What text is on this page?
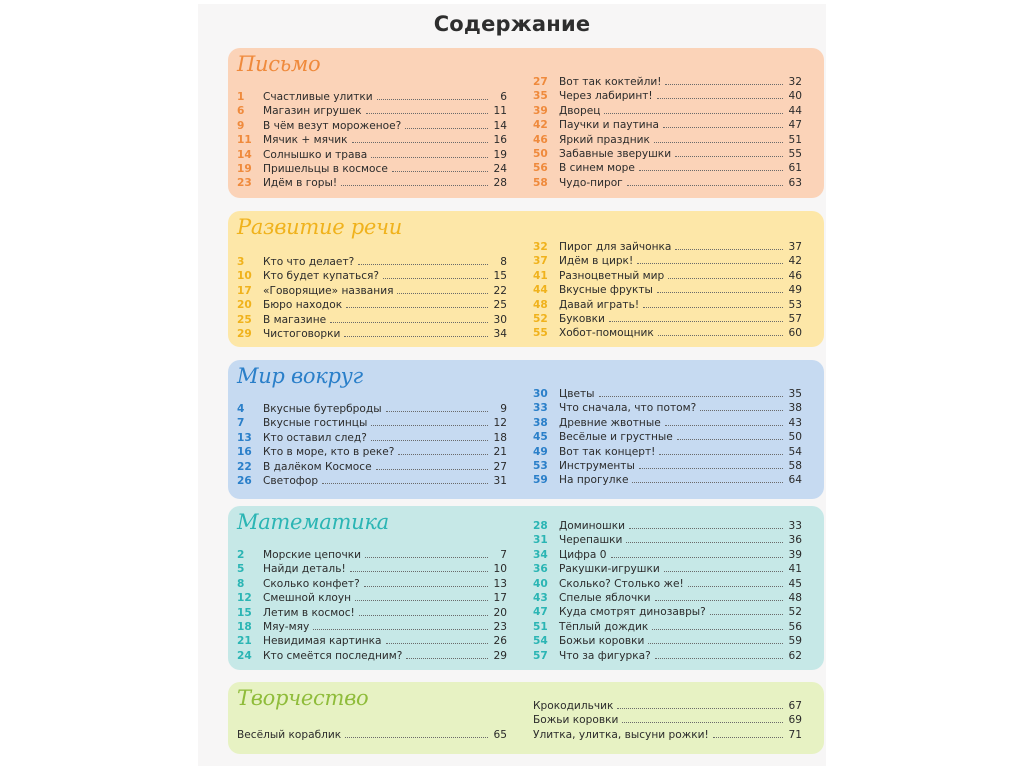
Содержание
Письмо
1	Счастливые улитки	6
6	Магазин игрушек	11
9	В чём везут мороженое?	14
11	Мячик + мячик	16
14	Солнышко и трава	19
19	Пришельцы в космосе	24
23	Идём в горы!	28
27	Вот так коктейли!	32
35	Через лабиринт!	40
39	Дворец	44
42	Паучки и паутина	47
46	Яркий праздник	51
50	Забавные зверушки	55
56	В синем море	61
58	Чудо-пирог	63
Развитие речи
3	Кто что делает?	8
10	Кто будет купаться?	15
17	«Говорящие» названия	22
20	Бюро находок	25
25	В магазине	30
29	Чистоговорки	34
32	Пирог для зайчонка	37
37	Идём в цирк!	42
41	Разноцветный мир	46
44	Вкусные фрукты	49
48	Давай играть!	53
52	Буковки	57
55	Хобот-помощник	60
Мир вокруг
4	Вкусные бутерброды	9
7	Вкусные гостинцы	12
13	Кто оставил след?	18
16	Кто в море, кто в реке?	21
22	В далёком Космосе	27
26	Светофор	31
30	Цветы	35
33	Что сначала, что потом?	38
38	Древние жвотные	43
45	Весёлые и грустные	50
49	Вот так концерт!	54
53	Инструменты	58
59	На прогулке	64
Математика
2	Морские цепочки	7
5	Найди деталь!	10
8	Сколько конфет?	13
12	Смешной клоун	17
15	Летим в космос!	20
18	Мяу-мяу	23
21	Невидимая картинка	26
24	Кто смеётся последним?	29
28	Доминошки	33
31	Черепашки	36
34	Цифра 0	39
36	Ракушки-игрушки	41
40	Сколько? Столько же!	45
43	Спелые яблочки	48
47	Куда смотрят динозавры?	52
51	Тёплый дождик	56
54	Божьи коровки	59
57	Что за фигурка?	62
Творчество
Весёлый кораблик	65
Крокодильчик	67
Божьи коровки	69
Улитка, улитка, высуни рожки!	71
